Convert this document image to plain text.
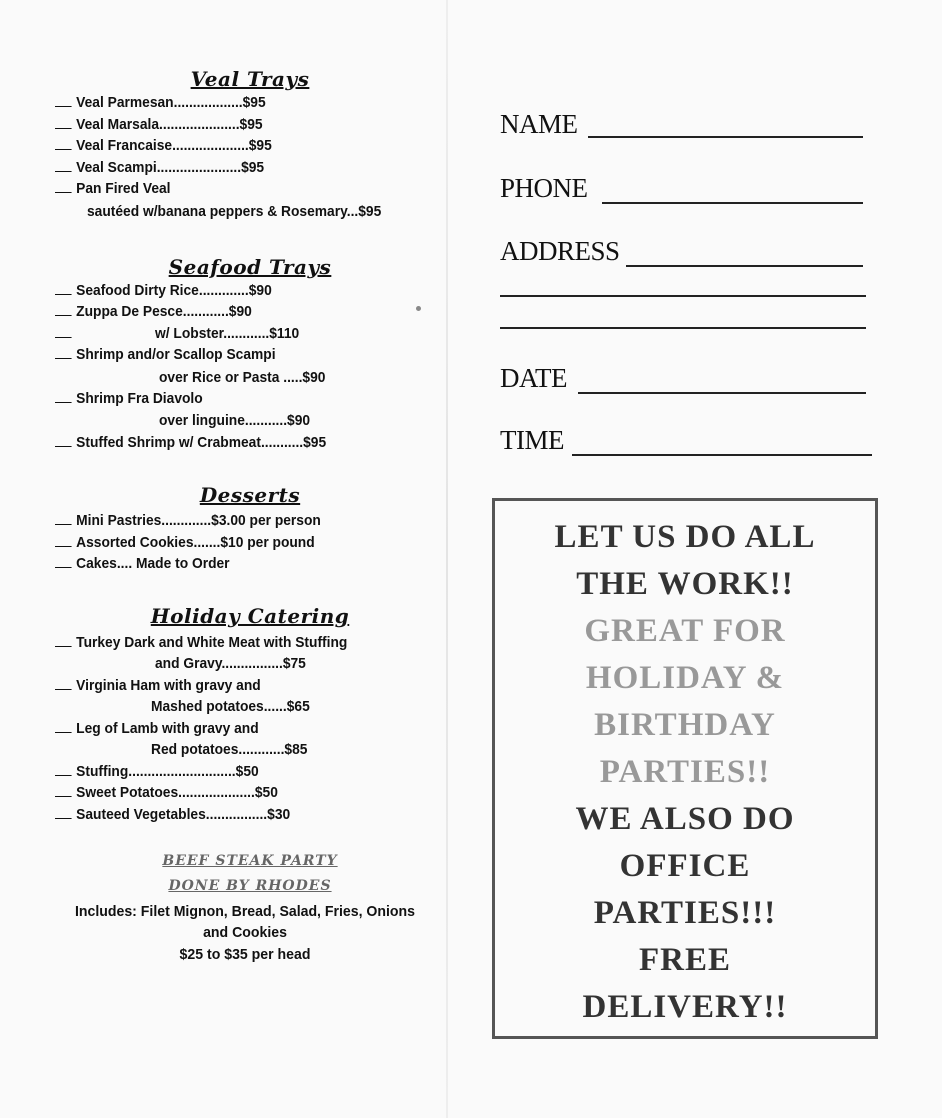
Veal Trays
Veal Parmesan..................$95
Veal Marsala.....................$95
Veal Francaise....................$95
Veal Scampi......................$95
Pan Fired Veal
sautéed w/banana peppers & Rosemary...$95
Seafood Trays
Seafood Dirty Rice.............$90
Zuppa De Pesce............$90
w/ Lobster............$110
Shrimp and/or Scallop Scampi
over Rice or Pasta .....$90
Shrimp Fra Diavolo
over linguine...........$90
Stuffed Shrimp w/ Crabmeat...........$95
Desserts
Mini Pastries.............$3.00 per person
Assorted Cookies.......$10 per pound
Cakes.... Made to Order
Holiday Catering
Turkey Dark and White Meat with Stuffing
and Gravy................$75
Virginia Ham with gravy and
Mashed potatoes......$65
Leg of Lamb with gravy and
Red potatoes............$85
Stuffing............................$50
Sweet Potatoes....................$50
Sauteed Vegetables................$30
BEEF STEAK PARTY
DONE BY RHODES
Includes: Filet Mignon, Bread, Salad, Fries, Onions
and Cookies
$25 to $35 per head
NAME
PHONE
ADDRESS
DATE
TIME
LET US DO ALL
THE WORK!!
GREAT FOR
HOLIDAY &
BIRTHDAY
PARTIES!!
WE ALSO DO
OFFICE
PARTIES!!!
FREE
DELIVERY!!
